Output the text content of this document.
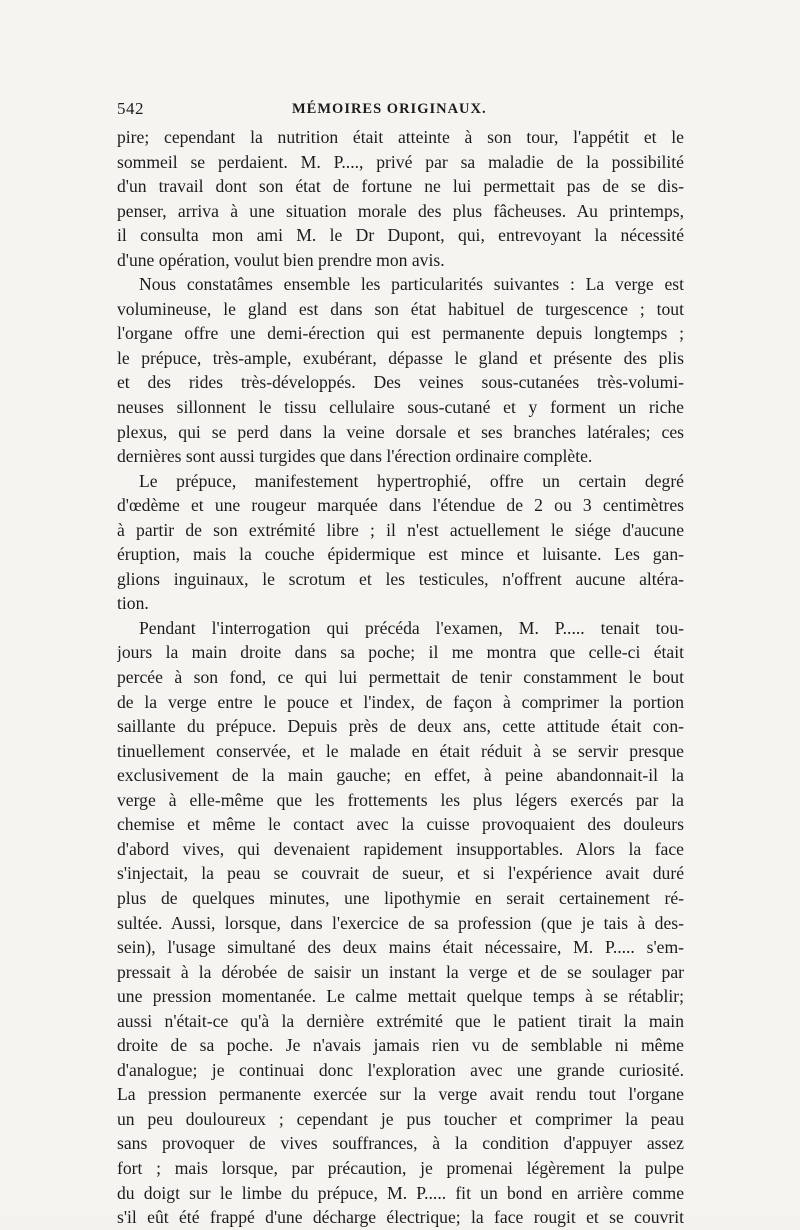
542	MÉMOIRES ORIGINAUX.
pire; cependant la nutrition était atteinte à son tour, l'appétit et le
sommeil se perdaient. M. P...., privé par sa maladie de la possibilité
d'un travail dont son état de fortune ne lui permettait pas de se dis-
penser, arriva à une situation morale des plus fâcheuses. Au printemps,
il consulta mon ami M. le Dr Dupont, qui, entrevoyant la nécessité
d'une opération, voulut bien prendre mon avis.
Nous constatâmes ensemble les particularités suivantes : La verge est
volumineuse, le gland est dans son état habituel de turgescence ; tout
l'organe offre une demi-érection qui est permanente depuis longtemps ;
le prépuce, très-ample, exubérant, dépasse le gland et présente des plis
et des rides très-développés. Des veines sous-cutanées très-volumi-
neuses sillonnent le tissu cellulaire sous-cutané et y forment un riche
plexus, qui se perd dans la veine dorsale et ses branches latérales; ces
dernières sont aussi turgides que dans l'érection ordinaire complète.
Le prépuce, manifestement hypertrophié, offre un certain degré
d'œdème et une rougeur marquée dans l'étendue de 2 ou 3 centimètres
à partir de son extrémité libre ; il n'est actuellement le siége d'aucune
éruption, mais la couche épidermique est mince et luisante. Les gan-
glions inguinaux, le scrotum et les testicules, n'offrent aucune altéra-
tion.
Pendant l'interrogation qui précéda l'examen, M. P..... tenait tou-
jours la main droite dans sa poche; il me montra que celle-ci était
percée à son fond, ce qui lui permettait de tenir constamment le bout
de la verge entre le pouce et l'index, de façon à comprimer la portion
saillante du prépuce. Depuis près de deux ans, cette attitude était con-
tinuellement conservée, et le malade en était réduit à se servir presque
exclusivement de la main gauche; en effet, à peine abandonnait-il la
verge à elle-même que les frottements les plus légers exercés par la
chemise et même le contact avec la cuisse provoquaient des douleurs
d'abord vives, qui devenaient rapidement insupportables. Alors la face
s'injectait, la peau se couvrait de sueur, et si l'expérience avait duré
plus de quelques minutes, une lipothymie en serait certainement ré-
sultée. Aussi, lorsque, dans l'exercice de sa profession (que je tais à des-
sein), l'usage simultané des deux mains était nécessaire, M. P..... s'em-
pressait à la dérobée de saisir un instant la verge et de se soulager par
une pression momentanée. Le calme mettait quelque temps à se rétablir;
aussi n'était-ce qu'à la dernière extrémité que le patient tirait la main
droite de sa poche. Je n'avais jamais rien vu de semblable ni même
d'analogue; je continuai donc l'exploration avec une grande curiosité.
La pression permanente exercée sur la verge avait rendu tout l'organe
un peu douloureux ; cependant je pus toucher et comprimer la peau
sans provoquer de vives souffrances, à la condition d'appuyer assez
fort ; mais lorsque, par précaution, je promenai légèrement la pulpe
du doigt sur le limbe du prépuce, M. P..... fit un bond en arrière comme
s'il eût été frappé d'une décharge électrique; la face rougit et se couvrit
